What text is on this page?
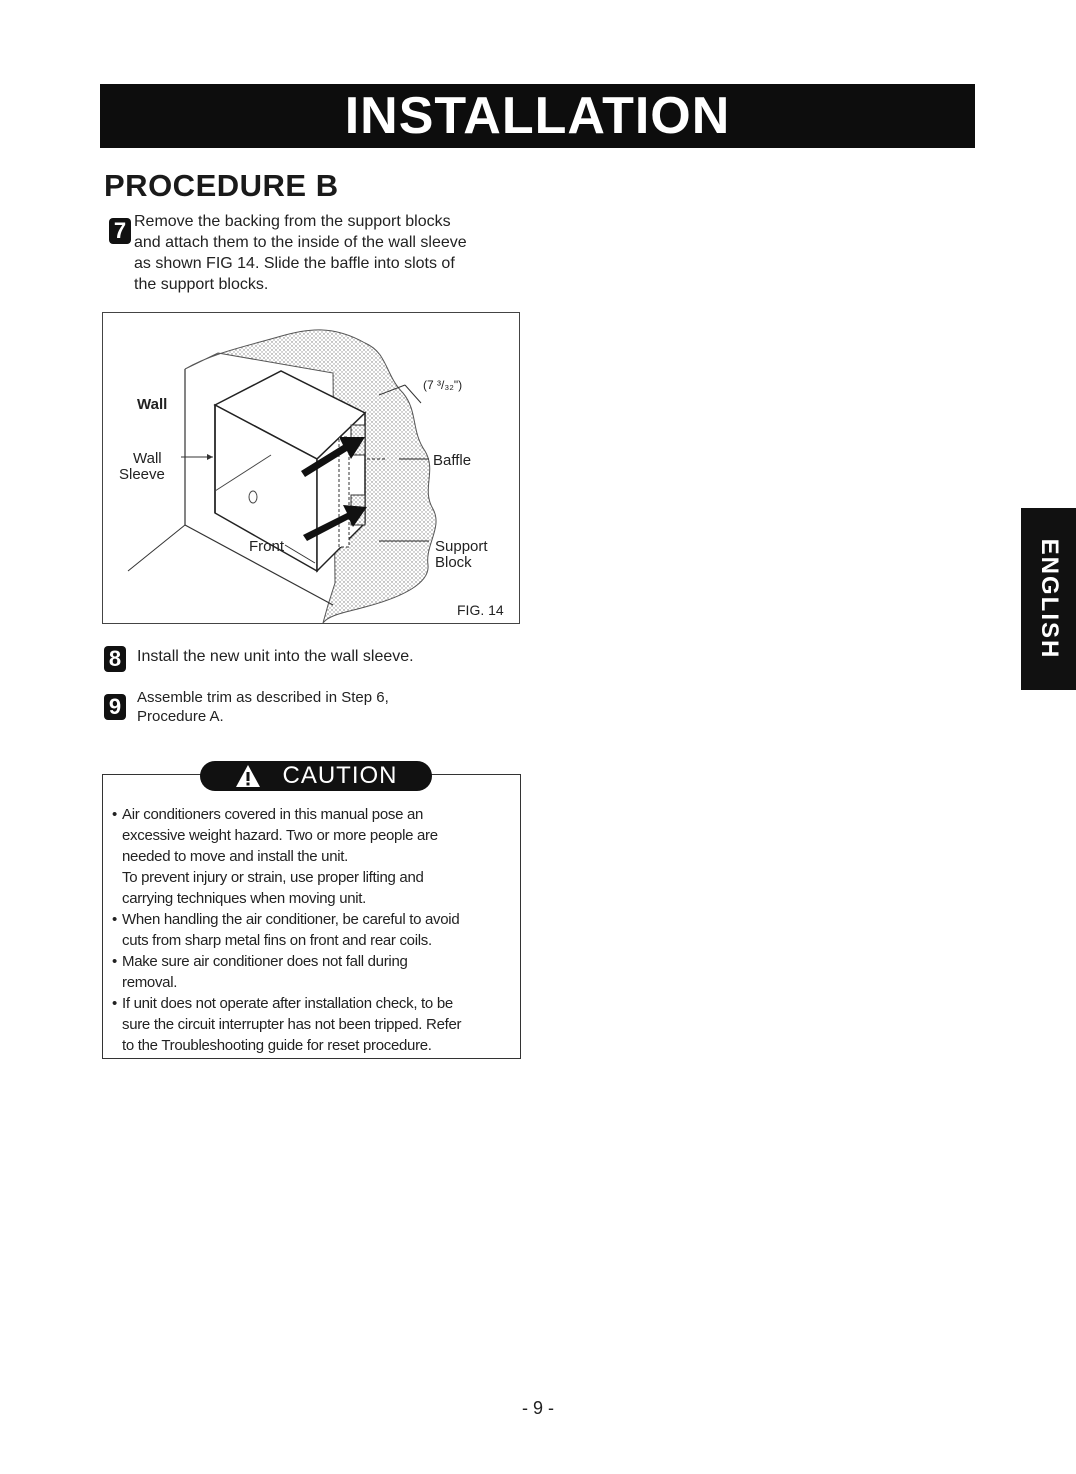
INSTALLATION
PROCEDURE B
7 Remove the backing from the support blocks
and attach them to the inside of the wall sleeve
as shown FIG 14. Slide the baffle into slots of
the support blocks.
Wall
Wall
Sleeve
Front
Baffle
Support
Block
(7 ³/₃₂")
FIG. 14
8 Install the new unit into the wall sleeve.
9	Assemble trim as described in Step 6,
Procedure A.
CAUTION
• Air conditioners covered in this manual pose an
excessive weight hazard. Two or more people are
needed to move and install the unit.
To prevent injury or strain, use proper lifting and
carrying techniques when moving unit.
• When handling the air conditioner, be careful to avoid
cuts from sharp metal fins on front and rear coils.
• Make sure air conditioner does not fall during
removal.
• If unit does not operate after installation check, to be
sure the circuit interrupter has not been tripped. Refer
to the Troubleshooting guide for reset procedure.
ENGLISH
- 9 -
